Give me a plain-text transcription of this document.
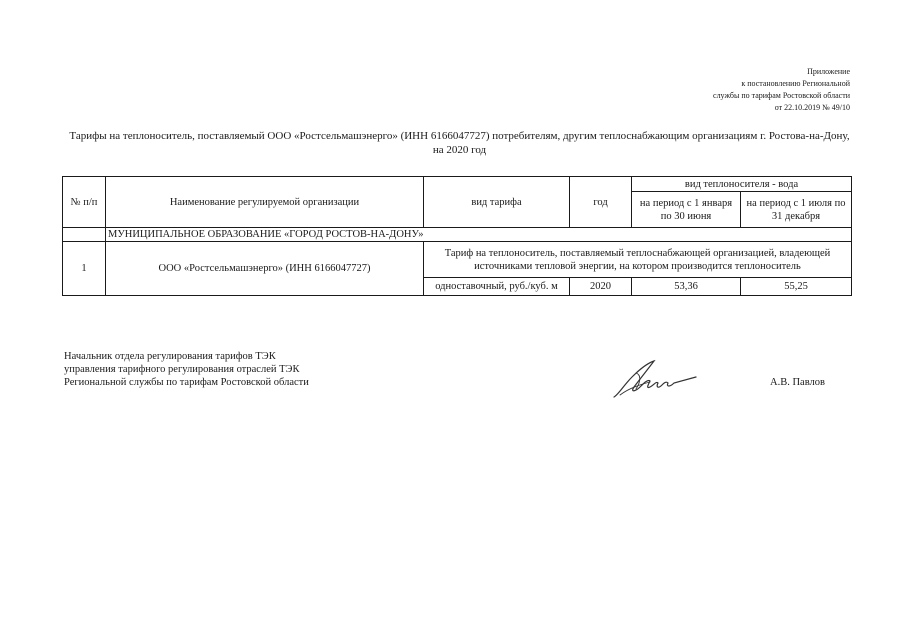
Приложение
к постановлению Региональной
службы по тарифам Ростовской области
от 22.10.2019 № 49/10
Тарифы на теплоноситель, поставляемый ООО «Ростсельмашэнерго» (ИНН 6166047727) потребителям, другим теплоснабжающим организациям г. Ростова-на-Дону, на 2020 год
№ п/п	Наименование регулируемой организации	вид тарифа	год	вид теплоносителя - вода	
				на период с 1 января по 30 июня	на период с 1 июля по 31 декабря
	МУНИЦИПАЛЬНОЕ ОБРАЗОВАНИЕ «ГОРОД РОСТОВ-НА-ДОНУ»				
1	ООО «Ростсельмашэнерго» (ИНН 6166047727)	Тариф на теплоноситель, поставляемый теплоснабжающей организацией, владеющей источниками тепловой энергии, на котором производится теплоноситель			
		одноставочный, руб./куб. м	2020	53,36	55,25
Начальник отдела регулирования тарифов ТЭК
управления тарифного регулирования отраслей ТЭК
Региональной службы по тарифам Ростовской области	А.В. Павлов
